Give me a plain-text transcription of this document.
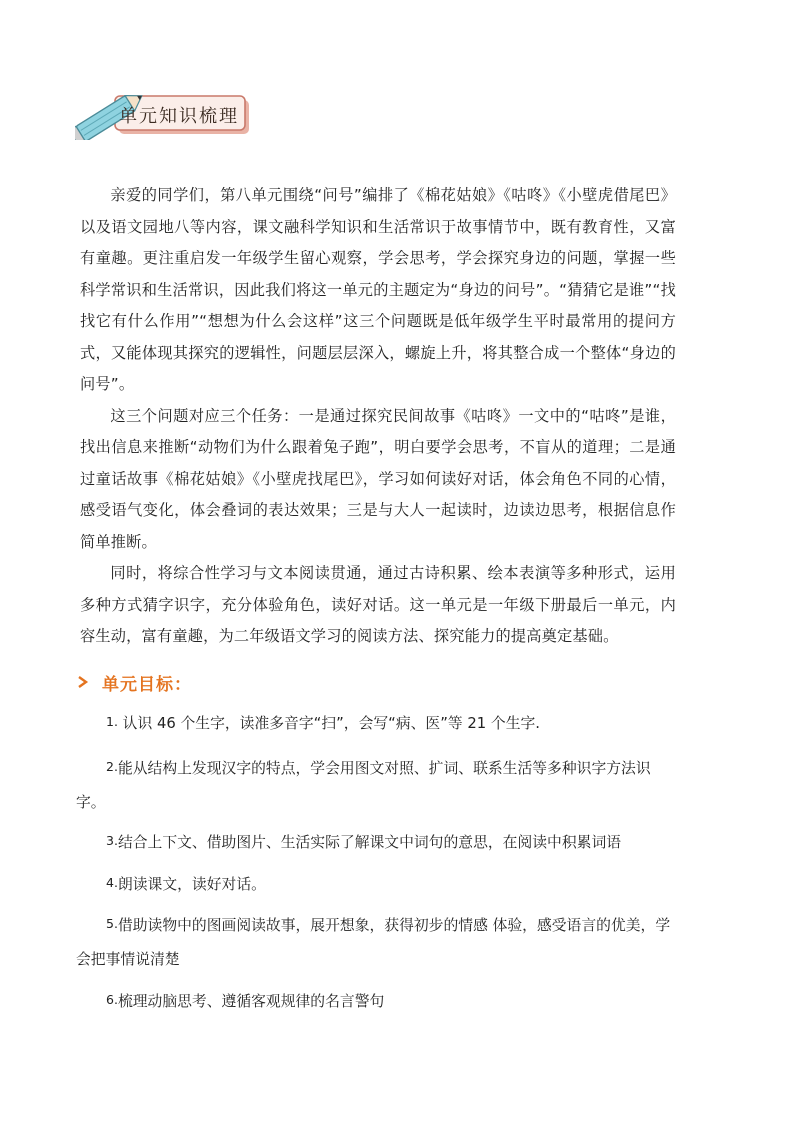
单元知识梳理

亲爱的同学们，第八单元围绕“问号”编排了《棉花姑娘》《咕咚》《小壁虎借尾巴》以及语文园地八等内容，课文融科学知识和生活常识于故事情节中，既有教育性，又富有童趣。更注重启发一年级学生留心观察，学会思考，学会探究身边的问题，掌握一些科学常识和生活常识，因此我们将这一单元的主题定为“身边的问号”。“猜猜它是谁”“找找它有什么作用”“想想为什么会这样”这三个问题既是低年级学生平时最常用的提问方式，又能体现其探究的逻辑性，问题层层深入，螺旋上升，将其整合成一个整体“身边的问号”。

这三个问题对应三个任务：一是通过探究民间故事《咕咚》一文中的“咕咚”是谁，找出信息来推断“动物们为什么跟着兔子跑”，明白要学会思考，不盲从的道理；二是通过童话故事《棉花姑娘》《小壁虎找尾巴》，学习如何读好对话，体会角色不同的心情，感受语气变化，体会叠词的表达效果；三是与大人一起读时，边读边思考，根据信息作简单推断。

同时，将综合性学习与文本阅读贯通，通过古诗积累、绘本表演等多种形式，运用多种方式猜字识字，充分体验角色，读好对话。这一单元是一年级下册最后一单元，内容生动，富有童趣，为二年级语文学习的阅读方法、探究能力的提高奠定基础。

单元目标：
1. 认识 46 个生字，读准多音字“扫”，会写“病、医”等 21 个生字.
2.能从结构上发现汉字的特点，学会用图文对照、扩词、联系生活等多种识字方法识字。
3.结合上下文、借助图片、生活实际了解课文中词句的意思，在阅读中积累词语
4.朗读课文，读好对话。
5.借助读物中的图画阅读故事，展开想象，获得初步的情感 体验，感受语言的优美，学会把事情说清楚
6.梳理动脑思考、遵循客观规律的名言警句
